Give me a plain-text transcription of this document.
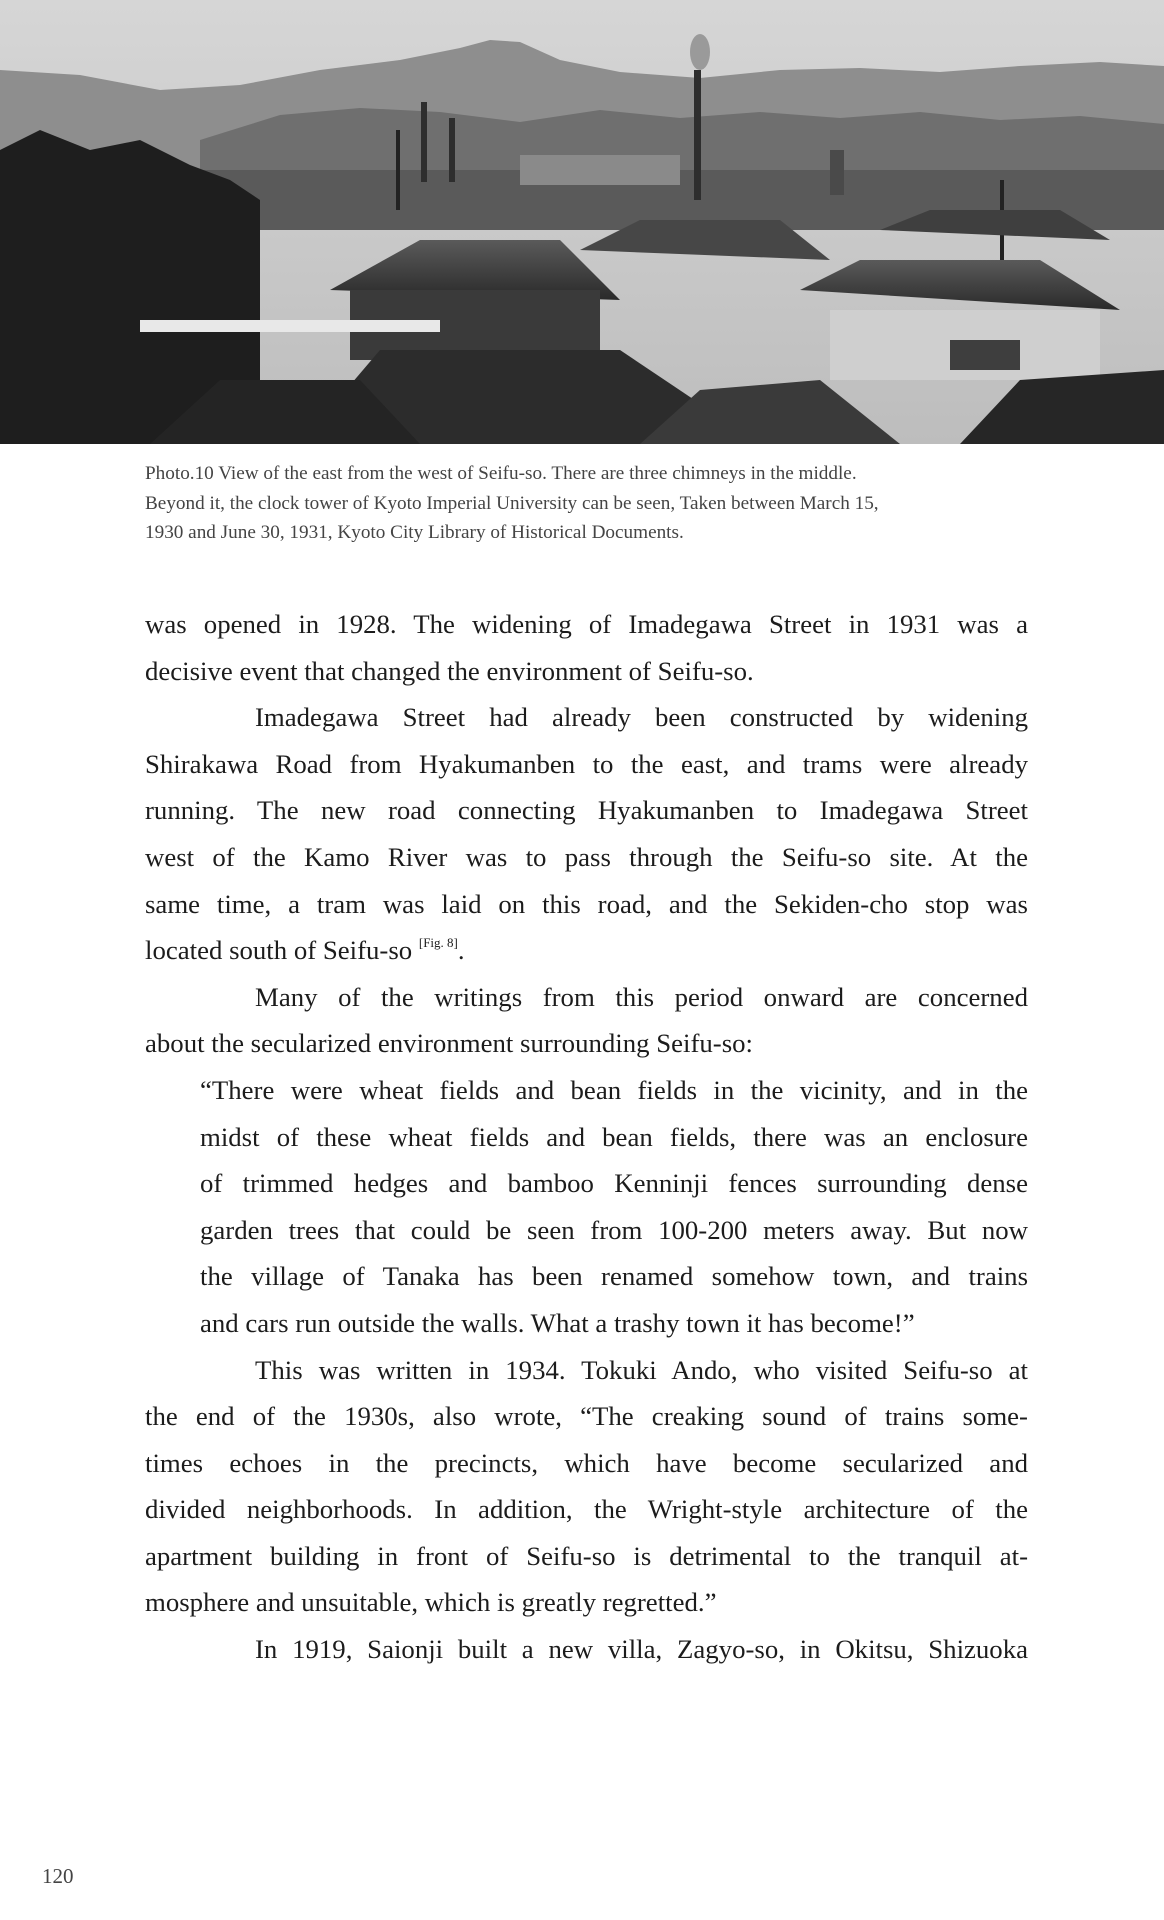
Photo.10 View of the east from the west of Seifu-so. There are three chimneys in the middle.
Beyond it, the clock tower of Kyoto Imperial University can be seen, Taken between March 15,
1930 and June 30, 1931, Kyoto City Library of Historical Documents.
was opened in 1928. The widening of Imadegawa Street in 1931 was a
decisive event that changed the environment of Seifu-so.
Imadegawa Street had already been constructed by widening
Shirakawa Road from Hyakumanben to the east, and trams were already
running. The new road connecting Hyakumanben to Imadegawa Street
west of the Kamo River was to pass through the Seifu-so site. At the
same time, a tram was laid on this road, and the Sekiden-cho stop was
located south of Seifu-so [Fig. 8].
Many of the writings from this period onward are concerned
about the secularized environment surrounding Seifu-so:
“There were wheat fields and bean fields in the vicinity, and in the
midst of these wheat fields and bean fields, there was an enclosure
of trimmed hedges and bamboo Kenninji fences surrounding dense
garden trees that could be seen from 100-200 meters away. But now
the village of Tanaka has been renamed somehow town, and trains
and cars run outside the walls. What a trashy town it has become!”
This was written in 1934. Tokuki Ando, who visited Seifu-so at
the end of the 1930s, also wrote, “The creaking sound of trains some-
times echoes in the precincts, which have become secularized and
divided neighborhoods. In addition, the Wright-style architecture of the
apartment building in front of Seifu-so is detrimental to the tranquil at-
mosphere and unsuitable, which is greatly regretted.”
In 1919, Saionji built a new villa, Zagyo-so, in Okitsu, Shizuoka
120
